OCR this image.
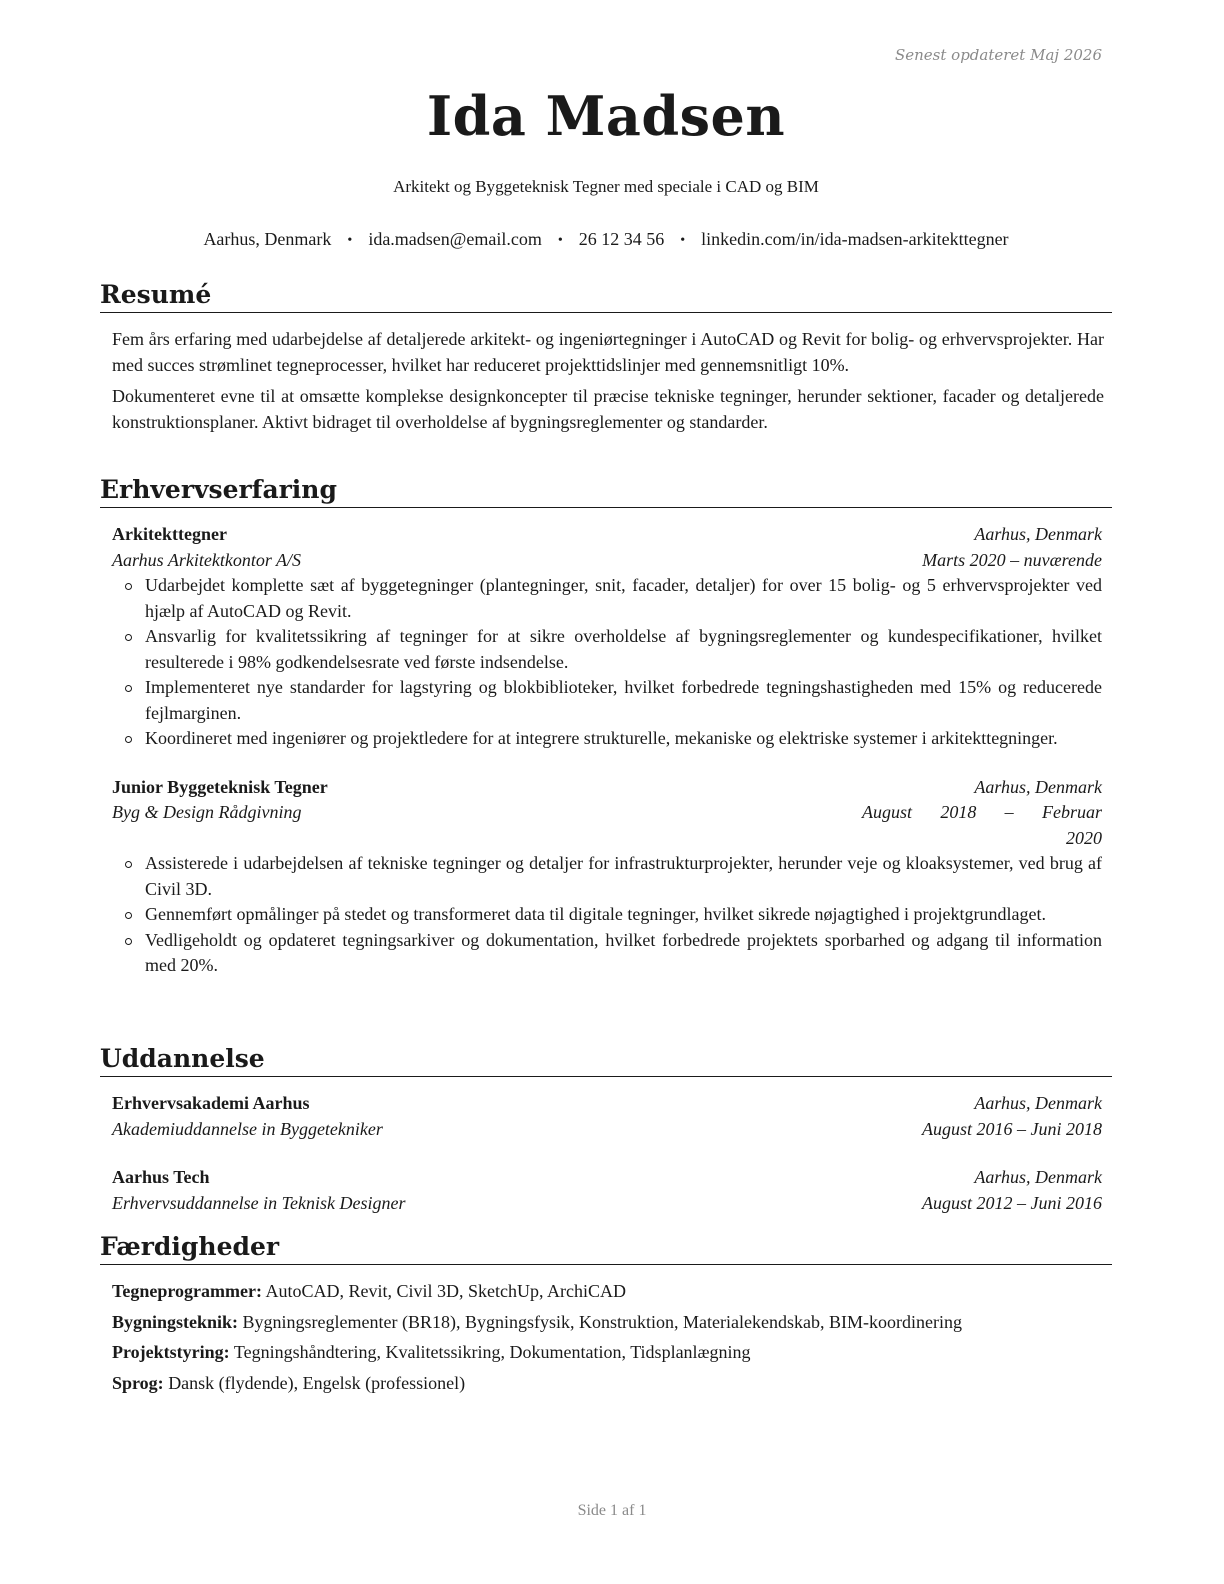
Senest opdateret Maj 2026
Ida Madsen
Arkitekt og Byggeteknisk Tegner med speciale i CAD og BIM
Aarhus, Denmark • ida.madsen@email.com • 26 12 34 56 • linkedin.com/in/ida-madsen-arkitekttegner
Resumé

Fem års erfaring med udarbejdelse af detaljerede arkitekt- og ingeniørtegninger i AutoCAD og Revit for bolig- og erhvervsprojekter. Har med succes strømlinet tegneprocesser, hvilket har reduceret projekttidslinjer med gennemsnitligt 10%.

Dokumenteret evne til at omsætte komplekse designkoncepter til præcise tekniske tegninger, herunder sektioner, facader og detaljerede konstruktionsplaner. Aktivt bidraget til overholdelse af bygningsreglementer og standarder.

Erhvervserfaring
Arkitekttegner	Aarhus, Denmark
Aarhus Arkitektkontor A/S	Marts 2020 – nuværende
Udarbejdet komplette sæt af byggetegninger (plantegninger, snit, facader, detaljer) for over 15 bolig- og 5 erhvervsprojekter ved hjælp af AutoCAD og Revit.
Ansvarlig for kvalitetssikring af tegninger for at sikre overholdelse af bygningsreglementer og kundespecifikationer, hvilket resulterede i 98% godkendelsesrate ved første indsendelse.
Implementeret nye standarder for lagstyring og blokbiblioteker, hvilket forbedrede tegningshastigheden med 15% og reducerede fejlmarginen.
Koordineret med ingeniører og projektledere for at integrere strukturelle, mekaniske og elektriske systemer i arkitekttegninger.
Junior Byggeteknisk Tegner	Aarhus, Denmark
Byg & Design Rådgivning	August 2018 – Februar 2020
Assisterede i udarbejdelsen af tekniske tegninger og detaljer for infrastrukturprojekter, herunder veje og kloaksystemer, ved brug af Civil 3D.
Gennemført opmålinger på stedet og transformeret data til digitale tegninger, hvilket sikrede nøjagtighed i projektgrundlaget.
Vedligeholdt og opdateret tegningsarkiver og dokumentation, hvilket forbedrede projektets sporbarhed og adgang til information med 20%.
Uddannelse
Erhvervsakademi Aarhus	Aarhus, Denmark
Akademiuddannelse in Byggetekniker	August 2016 – Juni 2018
Aarhus Tech	Aarhus, Denmark
Erhvervsuddannelse in Teknisk Designer	August 2012 – Juni 2016
Færdigheder

Tegneprogrammer: AutoCAD, Revit, Civil 3D, SketchUp, ArchiCAD

Bygningsteknik: Bygningsreglementer (BR18), Bygningsfysik, Konstruktion, Materialekendskab, BIM-koordinering

Projektstyring: Tegningshåndtering, Kvalitetssikring, Dokumentation, Tidsplanlægning

Sprog: Dansk (flydende), Engelsk (professionel)

Side 1 af 1
